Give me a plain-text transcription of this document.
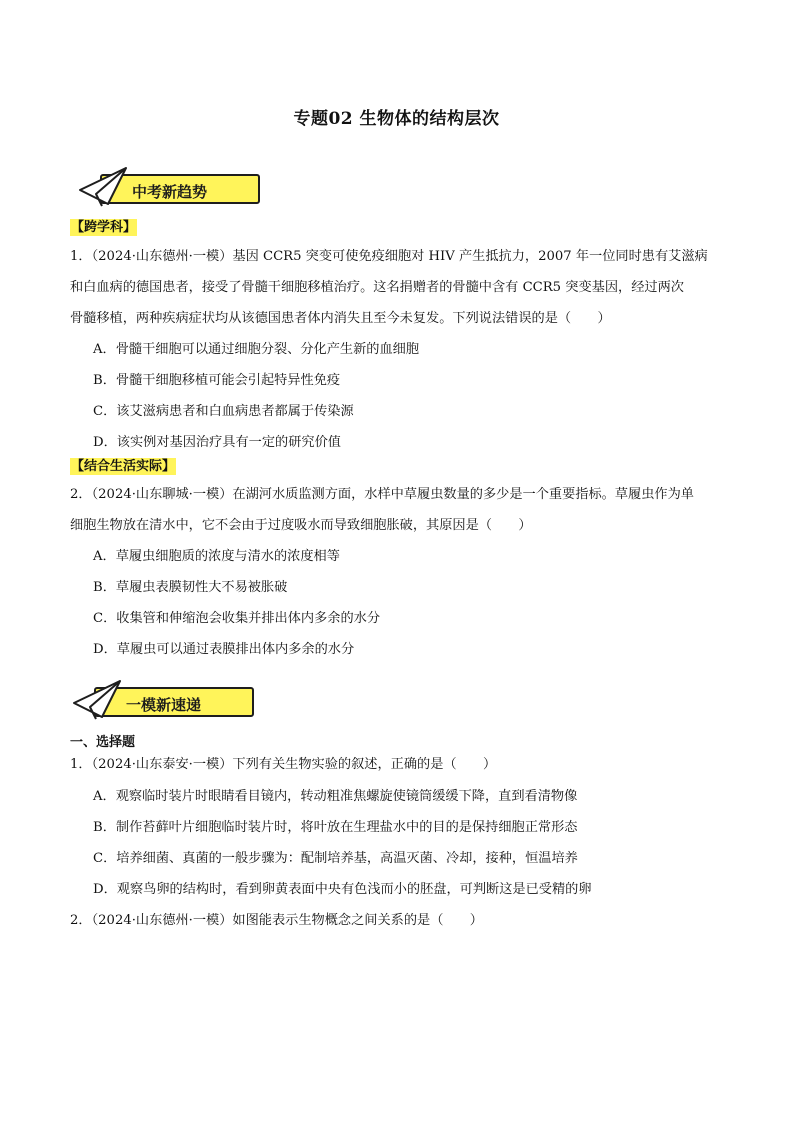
专题02 生物体的结构层次
中考新趋势
【跨学科】
1．（2024·山东德州·一模）基因 CCR5 突变可使免疫细胞对 HIV 产生抵抗力，2007 年一位同时患有艾滋病
和白血病的德国患者，接受了骨髓干细胞移植治疗。这名捐赠者的骨髓中含有 CCR5 突变基因，经过两次
骨髓移植，两种疾病症状均从该德国患者体内消失且至今未复发。下列说法错误的是（　　）
A．骨髓干细胞可以通过细胞分裂、分化产生新的血细胞
B．骨髓干细胞移植可能会引起特异性免疫
C．该艾滋病患者和白血病患者都属于传染源
D．该实例对基因治疗具有一定的研究价值
【结合生活实际】
2．（2024·山东聊城·一模）在湖河水质监测方面，水样中草履虫数量的多少是一个重要指标。草履虫作为单
细胞生物放在清水中，它不会由于过度吸水而导致细胞胀破，其原因是（　　）
A．草履虫细胞质的浓度与清水的浓度相等
B．草履虫表膜韧性大不易被胀破
C．收集管和伸缩泡会收集并排出体内多余的水分
D．草履虫可以通过表膜排出体内多余的水分
一模新速递
一、选择题
1．（2024·山东泰安·一模）下列有关生物实验的叙述，正确的是（　　）
A．观察临时装片时眼睛看目镜内，转动粗准焦螺旋使镜筒缓缓下降，直到看清物像
B．制作苔藓叶片细胞临时装片时，将叶放在生理盐水中的目的是保持细胞正常形态
C．培养细菌、真菌的一般步骤为：配制培养基，高温灭菌、冷却，接种，恒温培养
D．观察鸟卵的结构时，看到卵黄表面中央有色浅而小的胚盘，可判断这是已受精的卵
2．（2024·山东德州·一模）如图能表示生物概念之间关系的是（　　）
